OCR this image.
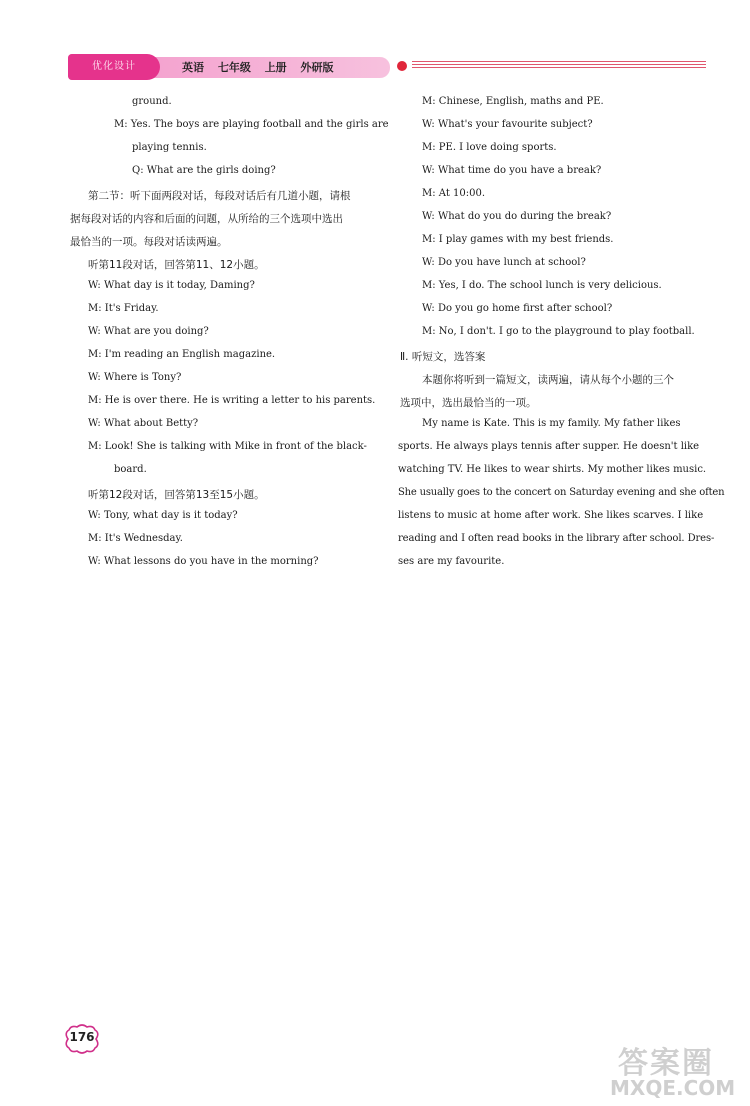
优化设计	英语 七年级 上册 外研版
ground.
M: Yes. The boys are playing football and the girls are
playing tennis.
Q: What are the girls doing?
第二节：听下面两段对话，每段对话后有几道小题，请根
据每段对话的内容和后面的问题，从所给的三个选项中选出
最恰当的一项。每段对话读两遍。
听第11段对话，回答第11、12小题。
W: What day is it today, Daming?
M: It's Friday.
W: What are you doing?
M: I'm reading an English magazine.
W: Where is Tony?
M: He is over there. He is writing a letter to his parents.
W: What about Betty?
M: Look! She is talking with Mike in front of the black-
board.
听第12段对话，回答第13至15小题。
W: Tony, what day is it today?
M: It's Wednesday.
W: What lessons do you have in the morning?
M: Chinese, English, maths and PE.
W: What's your favourite subject?
M: PE. I love doing sports.
W: What time do you have a break?
M: At 10:00.
W: What do you do during the break?
M: I play games with my best friends.
W: Do you have lunch at school?
M: Yes, I do. The school lunch is very delicious.
W: Do you go home first after school?
M: No, I don't. I go to the playground to play football.
Ⅱ. 听短文，选答案
本题你将听到一篇短文，读两遍，请从每个小题的三个
选项中，选出最恰当的一项。
My name is Kate. This is my family. My father likes
sports. He always plays tennis after supper. He doesn't like
watching TV. He likes to wear shirts. My mother likes music.
She usually goes to the concert on Saturday evening and she often
listens to music at home after work. She likes scarves. I like
reading and I often read books in the library after school. Dres-
ses are my favourite.
176
答案圈
MXQE.COM
